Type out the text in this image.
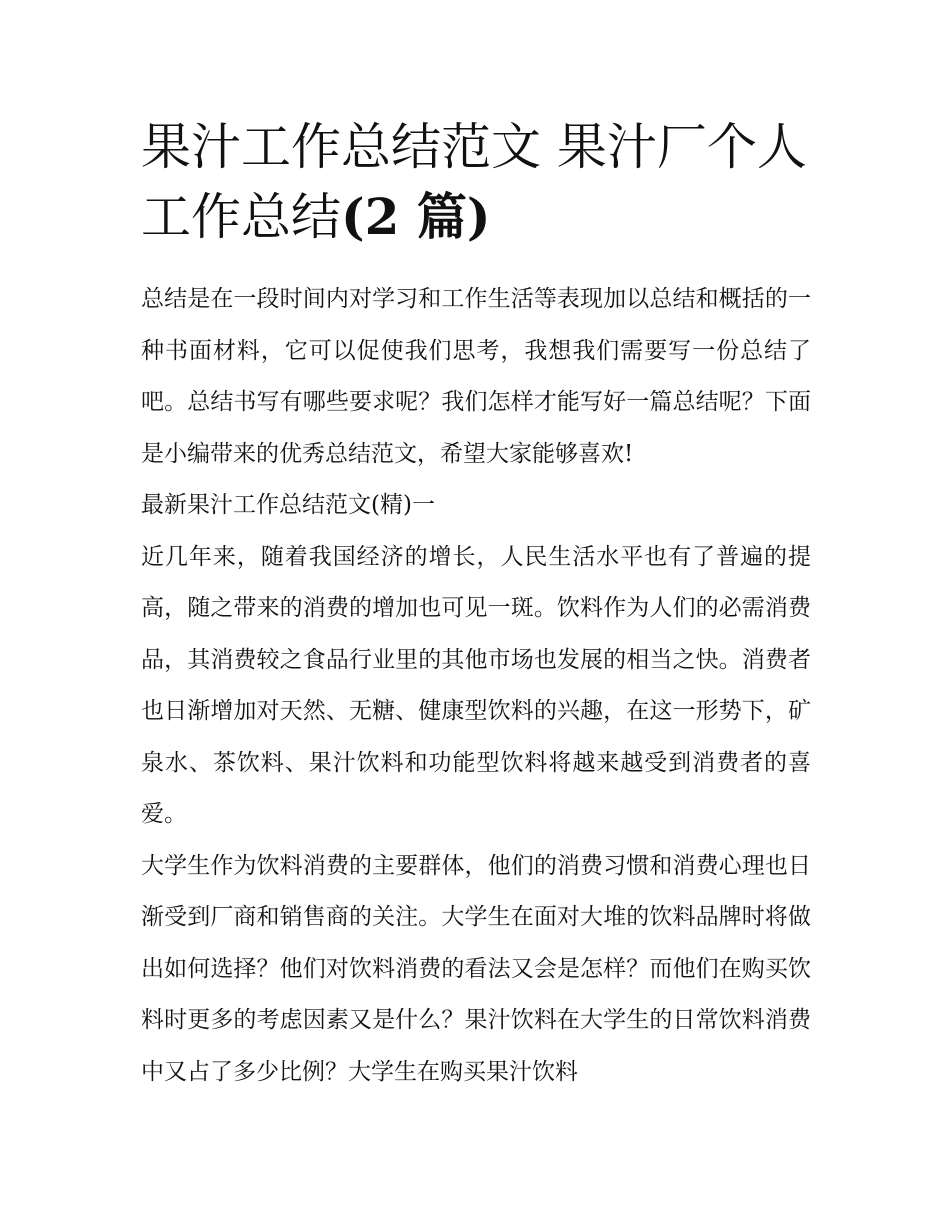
果汁工作总结范文 果汁厂个人工作总结(2 篇)

总结是在一段时间内对学习和工作生活等表现加以总结和概括的一种书面材料，它可以促使我们思考，我想我们需要写一份总结了吧。总结书写有哪些要求呢？我们怎样才能写好一篇总结呢？下面是小编带来的优秀总结范文，希望大家能够喜欢!

最新果汁工作总结范文(精)一

近几年来，随着我国经济的增长，人民生活水平也有了普遍的提高，随之带来的消费的增加也可见一斑。饮料作为人们的必需消费品，其消费较之食品行业里的其他市场也发展的相当之快。消费者也日渐增加对天然、无糖、健康型饮料的兴趣，在这一形势下，矿泉水、茶饮料、果汁饮料和功能型饮料将越来越受到消费者的喜爱。

大学生作为饮料消费的主要群体，他们的消费习惯和消费心理也日渐受到厂商和销售商的关注。大学生在面对大堆的饮料品牌时将做出如何选择？他们对饮料消费的看法又会是怎样？而他们在购买饮料时更多的考虑因素又是什么？果汁饮料在大学生的日常饮料消费中又占了多少比例？大学生在购买果汁饮料
